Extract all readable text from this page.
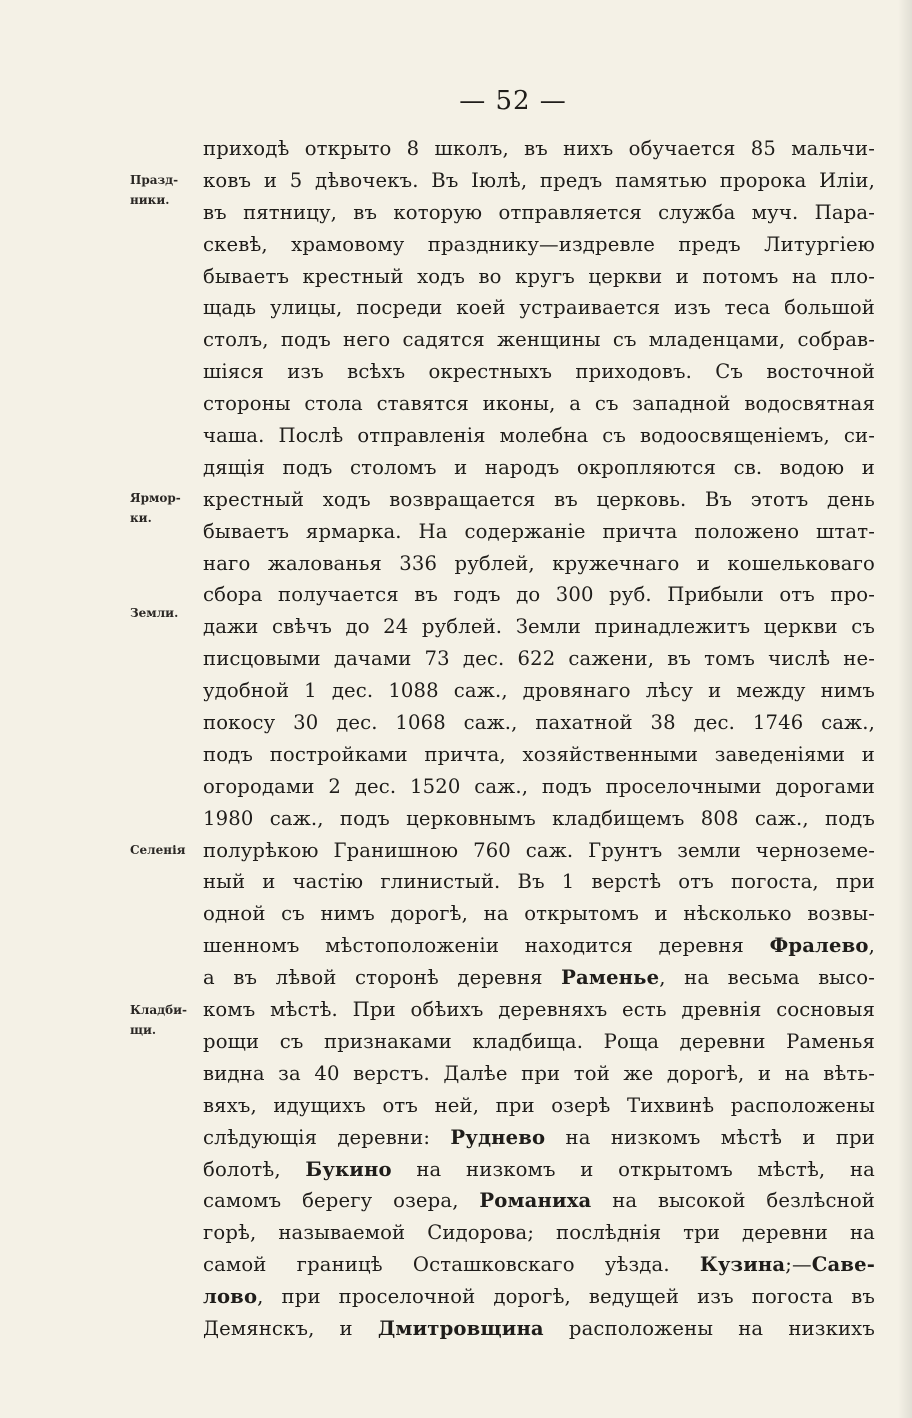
— 52 —
Празд-
ники.
Ярмор-
ки.
Земли.
Селенія
Кладби-
щи.
приходѣ открыто 8 школъ, въ нихъ обучается 85 мальчи-
ковъ и 5 дѣвочекъ. Въ Іюлѣ, предъ памятью пророка Иліи,
въ пятницу, въ которую отправляется служба муч. Пара-
скевѣ, храмовому празднику—издревле предъ Литургіею
бываетъ крестный ходъ во кругъ церкви и потомъ на пло-
щадь улицы, посреди коей устраивается изъ теса большой
столъ, подъ него садятся женщины съ младенцами, собрав-
шіяся изъ всѣхъ окрестныхъ приходовъ. Съ восточной
стороны стола ставятся иконы, а съ западной водосвятная
чаша. Послѣ отправленія молебна съ водоосвященіемъ, си-
дящія подъ столомъ и народъ окропляются св. водою и
крестный ходъ возвращается въ церковь. Въ этотъ день
бываетъ ярмарка. На содержаніе причта положено штат-
наго жалованья 336 рублей, кружечнаго и кошельковаго
сбора получается въ годъ до 300 руб. Прибыли отъ про-
дажи свѣчъ до 24 рублей. Земли принадлежитъ церкви съ
писцовыми дачами 73 дес. 622 сажени, въ томъ числѣ не-
удобной 1 дес. 1088 саж., дровянаго лѣсу и между нимъ
покосу 30 дес. 1068 саж., пахатной 38 дес. 1746 саж.,
подъ постройками причта, хозяйственными заведеніями и
огородами 2 дес. 1520 саж., подъ проселочными дорогами
1980 саж., подъ церковнымъ кладбищемъ 808 саж., подъ
полурѣкою Гранишною 760 саж. Грунтъ земли черноземе-
ный и частію глинистый. Въ 1 верстѣ отъ погоста, при
одной съ нимъ дорогѣ, на открытомъ и нѣсколько возвы-
шенномъ мѣстоположеніи находится деревня Фралево,
а въ лѣвой сторонѣ деревня Раменье, на весьма высо-
комъ мѣстѣ. При обѣихъ деревняхъ есть древнія сосновыя
рощи съ признаками кладбища. Роща деревни Раменья
видна за 40 верстъ. Далѣе при той же дорогѣ, и на вѣть-
вяхъ, идущихъ отъ ней, при озерѣ Тихвинѣ расположены
слѣдующія деревни: Руднево на низкомъ мѣстѣ и при
болотѣ, Букино на низкомъ и открытомъ мѣстѣ, на
самомъ берегу озера, Романиха на высокой безлѣсной
горѣ, называемой Сидорова; послѣднія три деревни на
самой границѣ Осташковскаго уѣзда. Кузина;—Саве-
лово, при проселочной дорогѣ, ведущей изъ погоста въ
Демянскъ, и Дмитровщина расположены на низкихъ
